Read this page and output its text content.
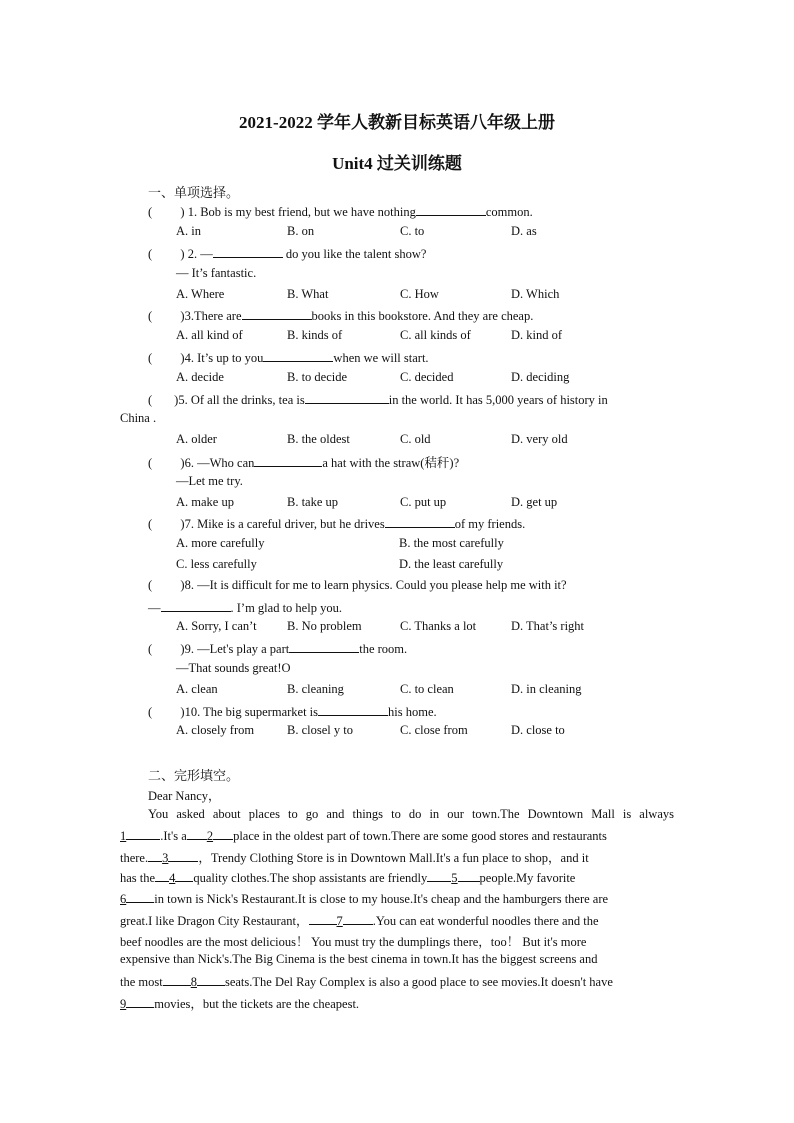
2021-2022 学年人教新目标英语八年级上册
Unit4 过关训练题
一、单项选择。
( ) 1. Bob is my best friend, but we have nothing	common.
A. in	B. on	C. to	D. as
( ) 2. —	do you like the talent show?
— It’s fantastic.
A. Where	B. What	C. How	D. Which
( )3.There are	books in this bookstore. And they are cheap.
A. all kind of	B. kinds of	C. all kinds of	D. kind of
( )4. It’s up to you	when we will start.
A. decide	B. to decide	C. decided	D. deciding
( )5. Of all the drinks, tea is	in the world. It has 5,000 years of history in
China .
A. older	B. the oldest	C. old	D. very old
( )6. —Who can	a hat with the straw(秸秆)?
—Let me try.
A. make up	B. take up	C. put up	D. get up
( )7. Mike is a careful driver, but he drives	of my friends.
A. more carefully	B. the most carefully
C. less carefully	D. the least carefully
( )8. —It is difficult for me to learn physics. Could you please help me with it?
—	. I’m glad to help you.
A. Sorry, I can’t B. No problem	C. Thanks a lot	D. That’s right
( )9. —Let's play a part	the room.
—That sounds great!O
A. clean	B. cleaning	C. to clean	D. in cleaning
( )10. The big supermarket is	his home.
A. closely from	B. closel y to	C. close from	D. close to
二、完形填空。
Dear Nancy，
You asked about places to go and things to do in our town.The Downtown Mall is always
1	.It's a 2 place in the oldest part of town.There are some good stores and restaurants
there. 3 ，Trendy Clothing Store is in Downtown Mall.It's a fun place to shop，and it
has the 4 quality clothes.The shop assistants are friendly 5 people.My favorite
6 in town is Nick's Restaurant.It is close to my house.It's cheap and the hamburgers there are
great.I like Dragon City Restaurant， 7 .You can eat wonderful noodles there and the
beef noodles are the most delicious！ You must try the dumplings there，too！ But it's more
expensive than Nick's.The Big Cinema is the best cinema in town.It has the biggest screens and
the most 8 seats.The Del Ray Complex is also a good place to see movies.It doesn't have
9 movies，but the tickets are the cheapest.
